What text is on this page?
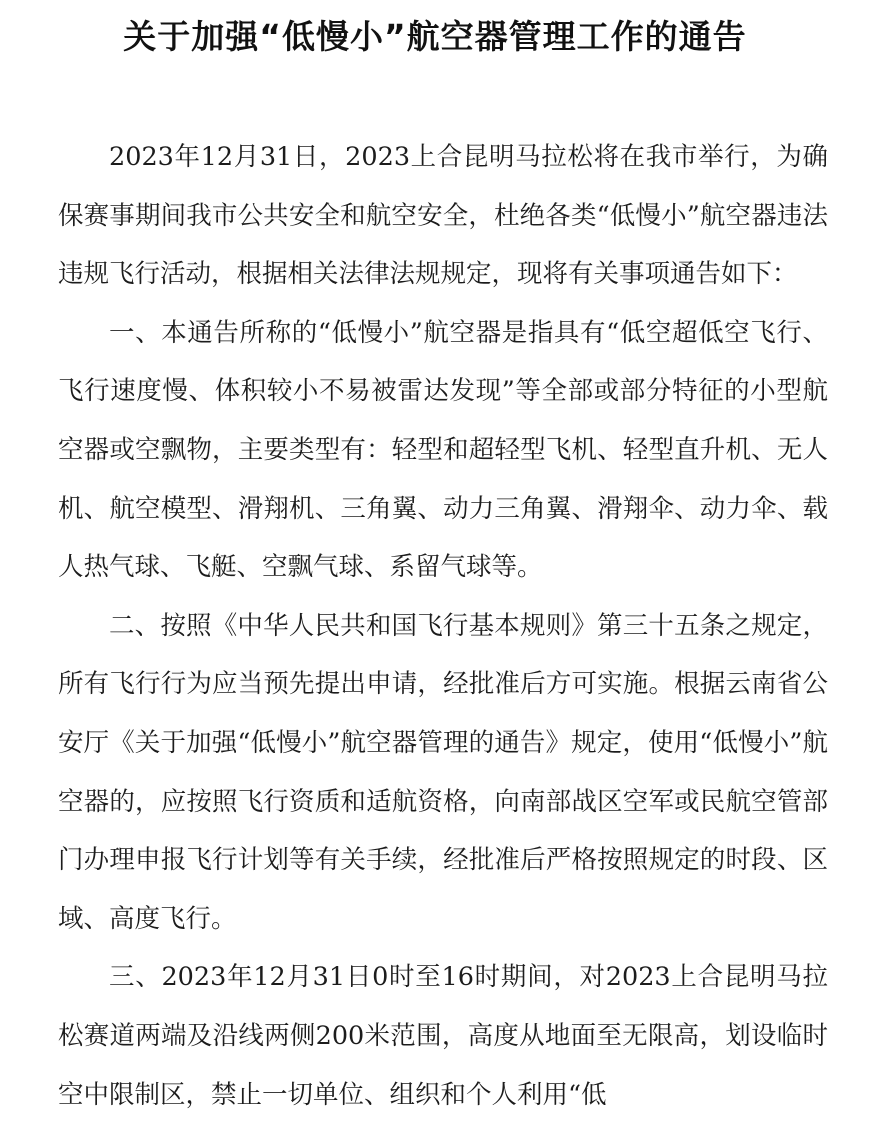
关于加强“低慢小”航空器管理工作的通告

2023年12月31日，2023上合昆明马拉松将在我市举行，为确保赛事期间我市公共安全和航空安全，杜绝各类“低慢小”航空器违法违规飞行活动，根据相关法律法规规定，现将有关事项通告如下：

一、本通告所称的“低慢小”航空器是指具有“低空超低空飞行、飞行速度慢、体积较小不易被雷达发现”等全部或部分特征的小型航空器或空飘物，主要类型有：轻型和超轻型飞机、轻型直升机、无人机、航空模型、滑翔机、三角翼、动力三角翼、滑翔伞、动力伞、载人热气球、飞艇、空飘气球、系留气球等。

二、按照《中华人民共和国飞行基本规则》第三十五条之规定，所有飞行行为应当预先提出申请，经批准后方可实施。根据云南省公安厅《关于加强“低慢小”航空器管理的通告》规定，使用“低慢小”航空器的，应按照飞行资质和适航资格，向南部战区空军或民航空管部门办理申报飞行计划等有关手续，经批准后严格按照规定的时段、区域、高度飞行。

三、2023年12月31日0时至16时期间，对2023上合昆明马拉松赛道两端及沿线两侧200米范围，高度从地面至无限高，划设临时空中限制区，禁止一切单位、组织和个人利用“低
